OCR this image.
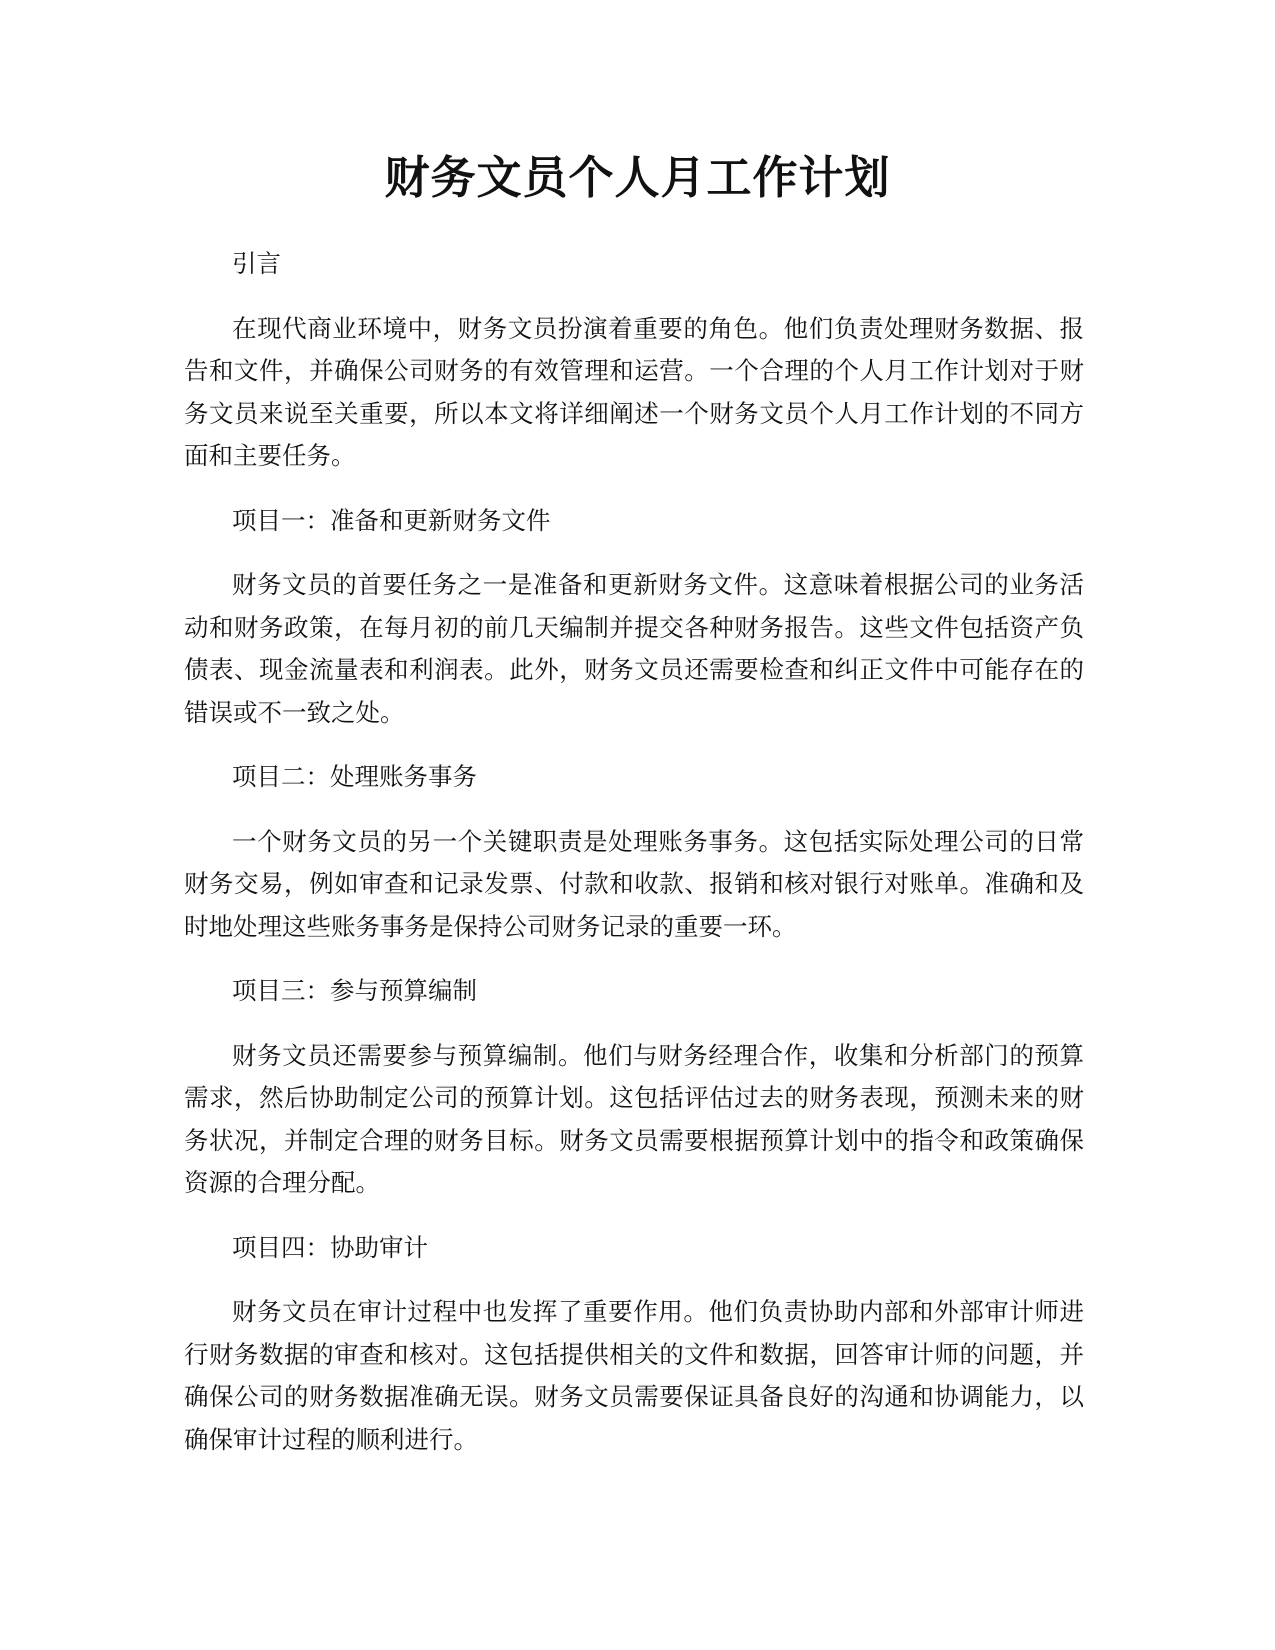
财务文员个人月工作计划

引言

在现代商业环境中，财务文员扮演着重要的角色。他们负责处理财务数据、报告和文件，并确保公司财务的有效管理和运营。一个合理的个人月工作计划对于财务文员来说至关重要，所以本文将详细阐述一个财务文员个人月工作计划的不同方面和主要任务。

项目一：准备和更新财务文件

财务文员的首要任务之一是准备和更新财务文件。这意味着根据公司的业务活动和财务政策，在每月初的前几天编制并提交各种财务报告。这些文件包括资产负债表、现金流量表和利润表。此外，财务文员还需要检查和纠正文件中可能存在的错误或不一致之处。

项目二：处理账务事务

一个财务文员的另一个关键职责是处理账务事务。这包括实际处理公司的日常财务交易，例如审查和记录发票、付款和收款、报销和核对银行对账单。准确和及时地处理这些账务事务是保持公司财务记录的重要一环。

项目三：参与预算编制

财务文员还需要参与预算编制。他们与财务经理合作，收集和分析部门的预算需求，然后协助制定公司的预算计划。这包括评估过去的财务表现，预测未来的财务状况，并制定合理的财务目标。财务文员需要根据预算计划中的指令和政策确保资源的合理分配。

项目四：协助审计

财务文员在审计过程中也发挥了重要作用。他们负责协助内部和外部审计师进行财务数据的审查和核对。这包括提供相关的文件和数据，回答审计师的问题，并确保公司的财务数据准确无误。财务文员需要保证具备良好的沟通和协调能力，以确保审计过程的顺利进行。
